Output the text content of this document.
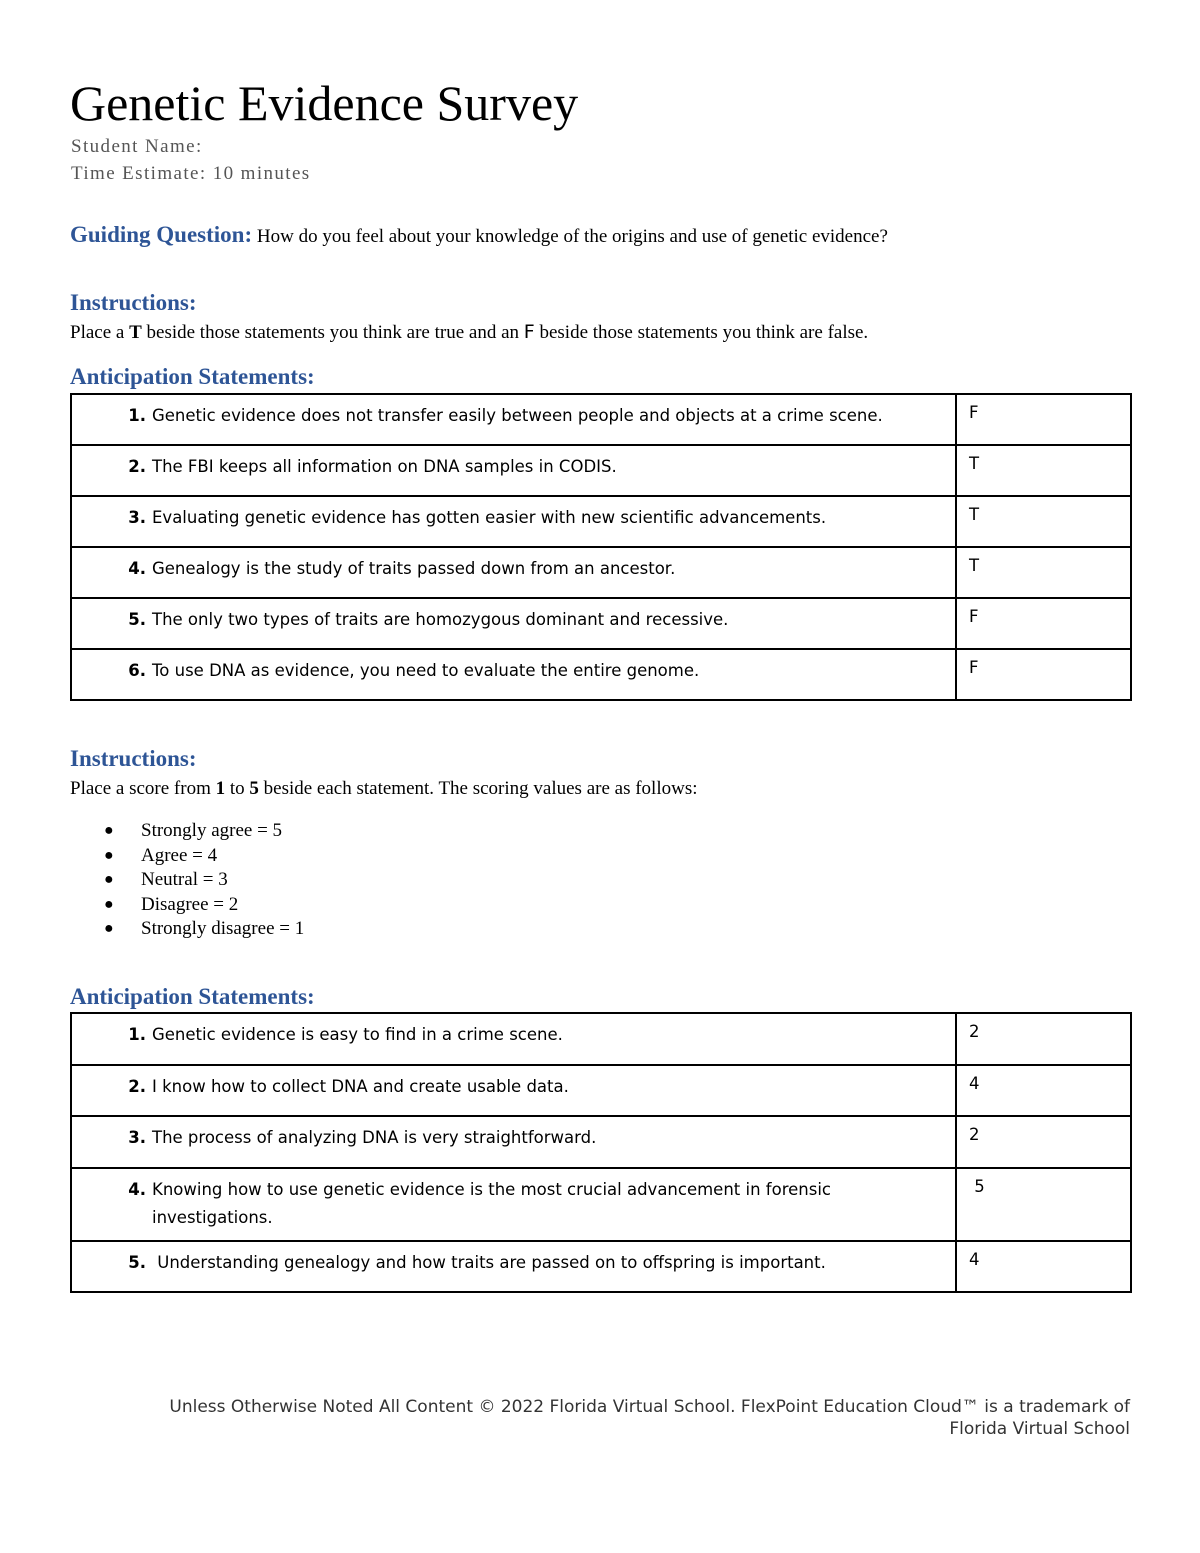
Genetic Evidence Survey
Student Name:
Time Estimate: 10 minutes
Guiding Question: How do you feel about your knowledge of the origins and use of genetic evidence?
Instructions:
Place a T beside those statements you think are true and an F beside those statements you think are false.
Anticipation Statements:
1. Genetic evidence does not transfer easily between people and objects at a crime scene.	F

2. The FBI keeps all information on DNA samples in CODIS.	T

3. Evaluating genetic evidence has gotten easier with new scientific advancements.	T

4. Genealogy is the study of traits passed down from an ancestor.	T

5. The only two types of traits are homozygous dominant and recessive.	F

6. To use DNA as evidence, you need to evaluate the entire genome.	F
Instructions:
Place a score from 1 to 5 beside each statement. The scoring values are as follows:
● Strongly agree = 5
● Agree = 4
● Neutral = 3
● Disagree = 2
● Strongly disagree = 1
Anticipation Statements:
1. Genetic evidence is easy to find in a crime scene.	2

2. I know how to collect DNA and create usable data.	4

3. The process of analyzing DNA is very straightforward.	2

4. Knowing how to use genetic evidence is the most crucial advancement in forensic investigations.	5

5. Understanding genealogy and how traits are passed on to offspring is important.	4
Unless Otherwise Noted All Content © 2022 Florida Virtual School. FlexPoint Education Cloud™ is a trademark of
Florida Virtual School
